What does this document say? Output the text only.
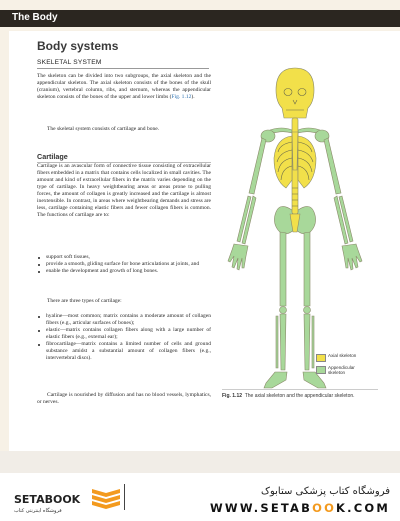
The Body
Body systems
SKELETAL SYSTEM

The skeleton can be divided into two subgroups, the axial skeleton and the appendicular skeleton. The axial skeleton consists of the bones of the skull (cranium), vertebral column, ribs, and sternum, whereas the appendicular skeleton consists of the bones of the upper and lower limbs (Fig. 1.12).

The skeletal system consists of cartilage and bone.

Cartilage

Cartilage is an avascular form of connective tissue consisting of extracellular fibers embedded in a matrix that contains cells localized in small cavities. The amount and kind of extracellular fibers in the matrix varies depending on the type of cartilage. In heavy weightbearing areas or areas prone to pulling forces, the amount of collagen is greatly increased and the cartilage is almost inextensible. In contrast, in areas where weightbearing demands and stress are less, cartilage containing elastic fibers and fewer collagen fibers is common. The functions of cartilage are to:

support soft tissues,
provide a smooth, gliding surface for bone articulations at joints, and
enable the development and growth of long bones.

There are three types of cartilage:

hyaline—most common; matrix contains a moderate amount of collagen fibers (e.g., articular surfaces of bones);
elastic—matrix contains collagen fibers along with a large number of elastic fibers (e.g., external ear);
fibrocartilage—matrix contains a limited number of cells and ground substance amidst a substantial amount of collagen fibers (e.g., intervertebral discs).

Cartilage is nourished by diffusion and has no blood vessels, lymphatics, or nerves.

Axial skeleton
Appendicular skeleton
Fig. 1.12 The axial skeleton and the appendicular skeleton.
SETABOOK
فروشگاه اینترنتی کتاب
فروشگاه کتاب پزشکی ستابوک
WWW.SETABOOK.COM
